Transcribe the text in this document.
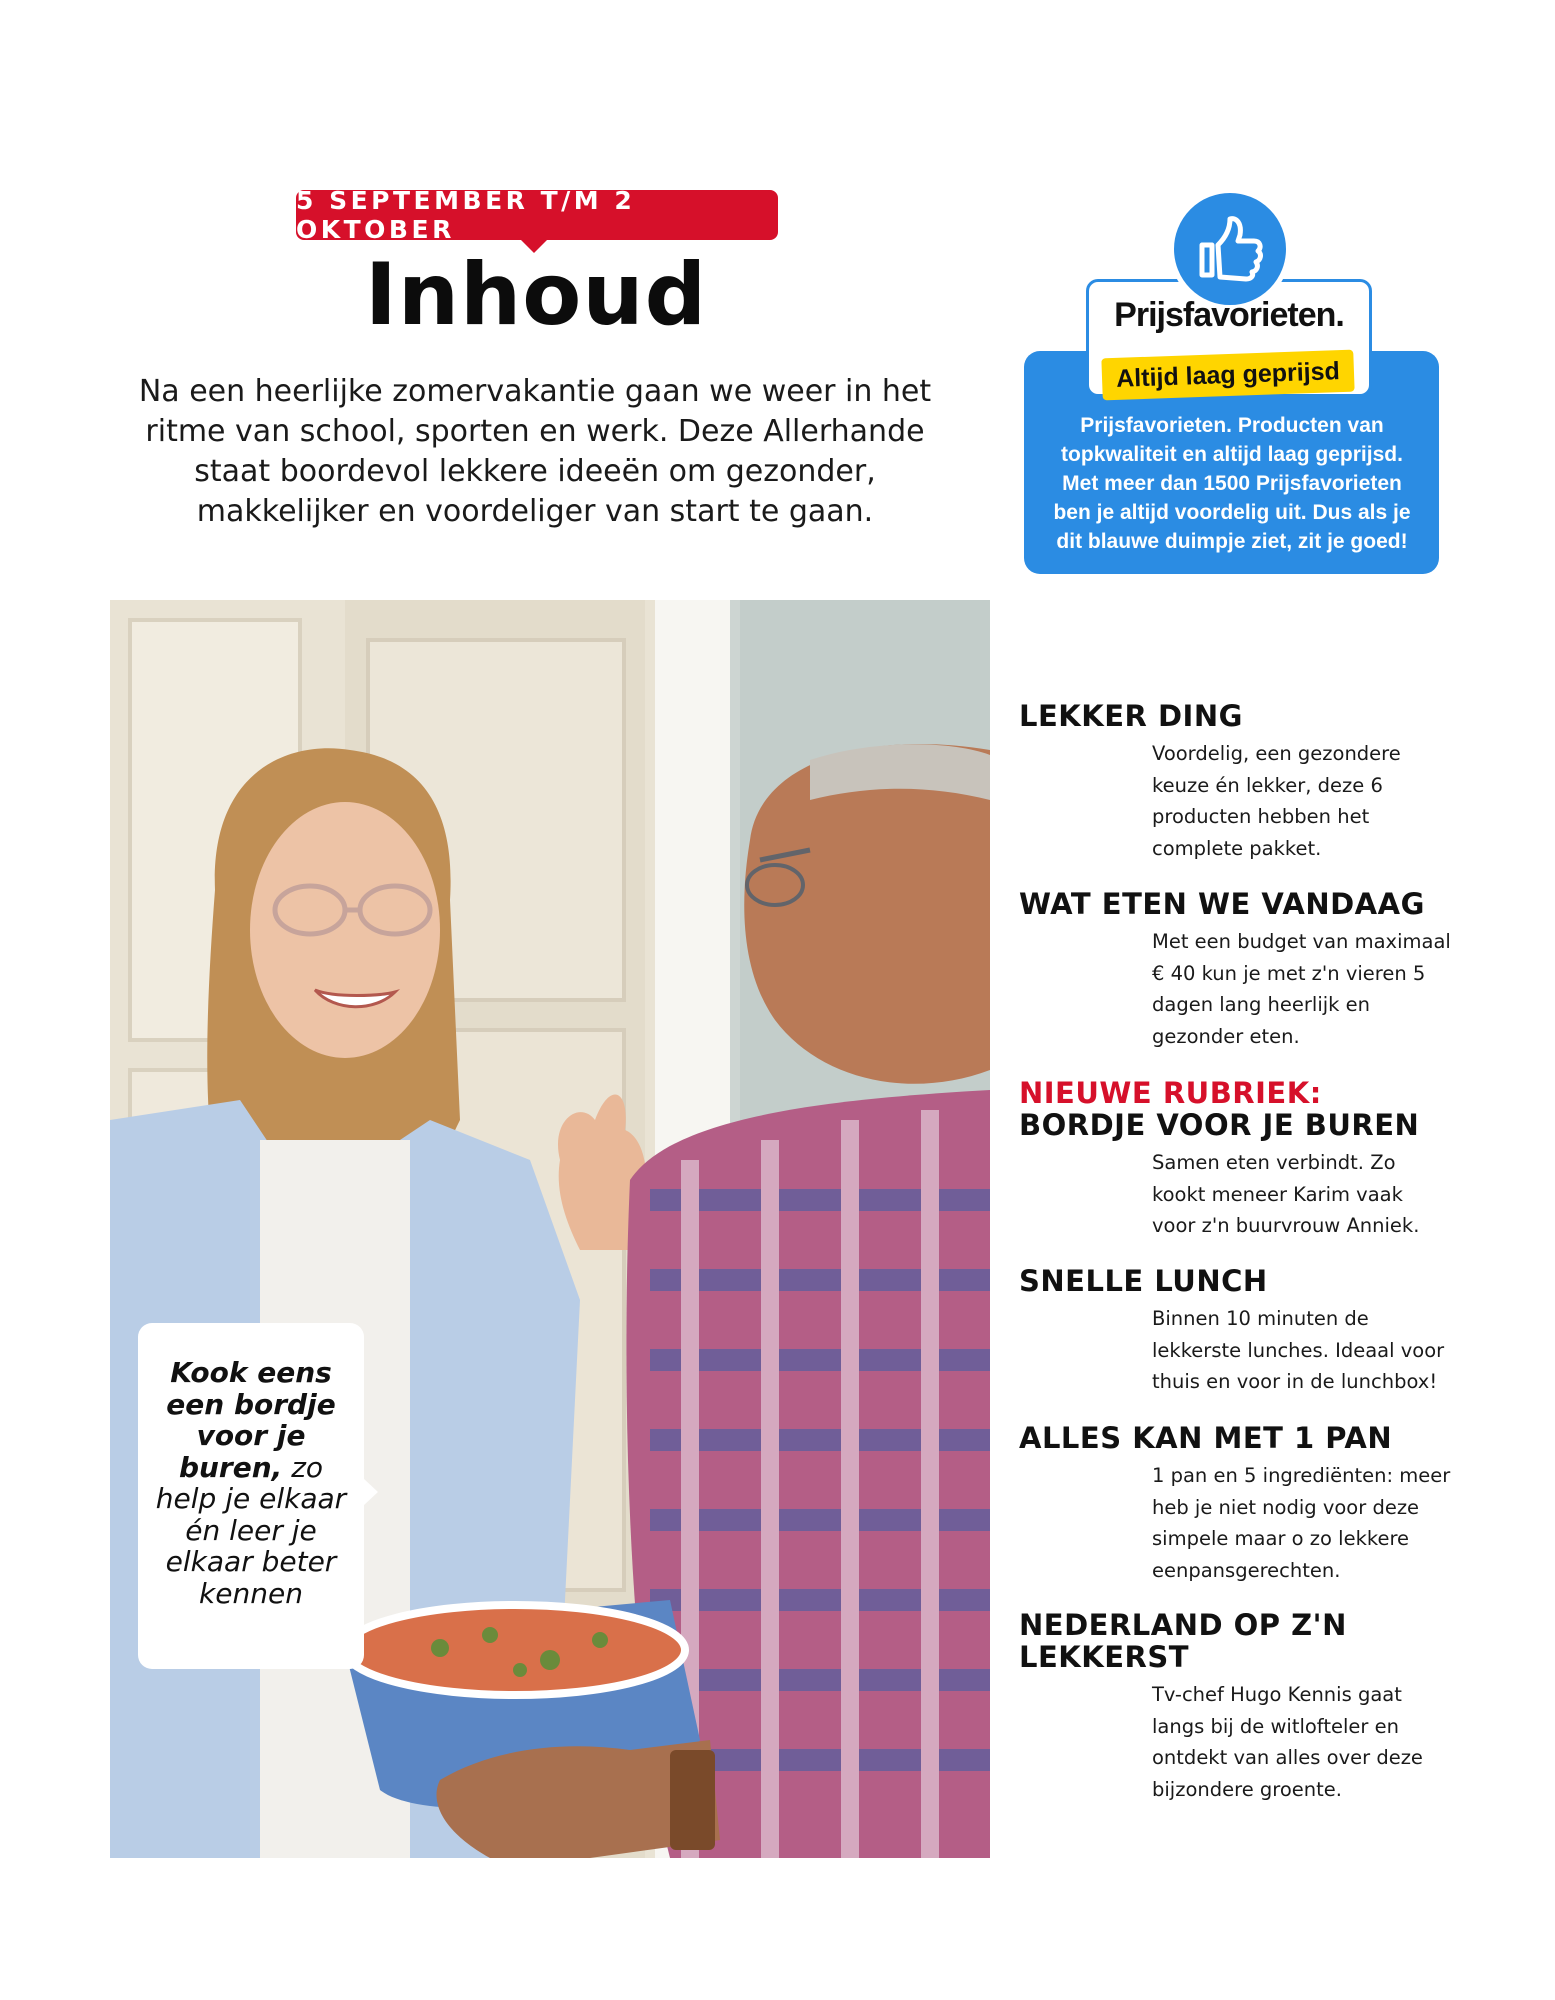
5 SEPTEMBER T/M 2 OKTOBER
Inhoud

Na een heerlijke zomervakantie gaan we weer in het ritme van school, sporten en werk. Deze Allerhande staat boordevol lekkere ideeën om gezonder, makkelijker en voordeliger van start te gaan.

Prijsfavorieten.

Altijd laag geprijsd

Prijsfavorieten. Producten van topkwaliteit en altijd laag geprijsd. Met meer dan 1500 Prijsfavorieten ben je altijd voordelig uit. Dus als je dit blauwe duimpje ziet, zit je goed!

Kook eens een bordje voor je buren, zo help je elkaar én leer je elkaar beter kennen

LEKKER DING

Voordelig, een gezondere keuze én lekker, deze 6 producten hebben het complete pakket.

WAT ETEN WE VANDAAG

Met een budget van maximaal € 40 kun je met z'n vieren 5 dagen lang heerlijk en gezonder eten.

NIEUWE RUBRIEK:
BORDJE VOOR JE BUREN

Samen eten verbindt. Zo kookt meneer Karim vaak voor z'n buurvrouw Anniek.

SNELLE LUNCH

Binnen 10 minuten de lekkerste lunches. Ideaal voor thuis en voor in de lunchbox!

ALLES KAN MET 1 PAN

1 pan en 5 ingrediënten: meer heb je niet nodig voor deze simpele maar o zo lekkere eenpansgerechten.

NEDERLAND OP Z'N LEKKERST

Tv-chef Hugo Kennis gaat langs bij de witlofteler en ontdekt van alles over deze bijzondere groente.
